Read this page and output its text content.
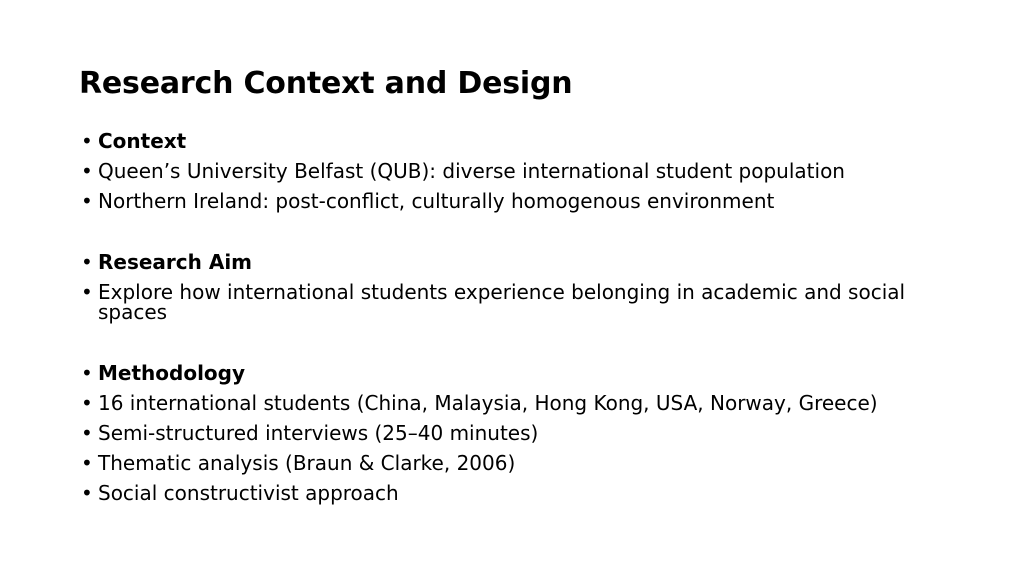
Research Context and Design
• Context
• Queen’s University Belfast (QUB): diverse international student population
• Northern Ireland: post-conflict, culturally homogenous environment
• Research Aim
• Explore how international students experience belonging in academic and social spaces
• Methodology
• 16 international students (China, Malaysia, Hong Kong, USA, Norway, Greece)
• Semi-structured interviews (25–40 minutes)
• Thematic analysis (Braun & Clarke, 2006)
• Social constructivist approach
